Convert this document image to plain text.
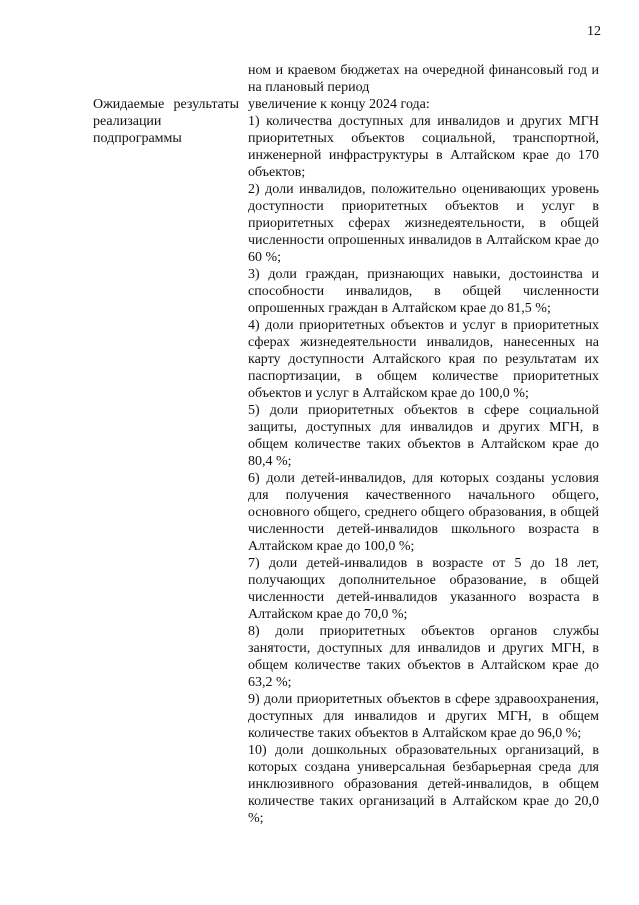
12

ном и краевом бюджетах на очередной финансовый год и на плановый период

Ожидаемые результаты реализации подпрограммы

увеличение к концу 2024 года:

1) количества доступных для инвалидов и других МГН приоритетных объектов социальной, транспортной, инженерной инфраструктуры в Алтайском крае до 170 объектов;
2) доли инвалидов, положительно оценивающих уровень доступности приоритетных объектов и услуг в приоритетных сферах жизнедеятельности, в общей численности опрошенных инвалидов в Алтайском крае до 60 %;
3) доли граждан, признающих навыки, достоинства и способности инвалидов, в общей численности опрошенных граждан в Алтайском крае до 81,5 %;
4) доли приоритетных объектов и услуг в приоритетных сферах жизнедеятельности инвалидов, нанесенных на карту доступности Алтайского края по результатам их паспортизации, в общем количестве приоритетных объектов и услуг в Алтайском крае до 100,0 %;
5) доли приоритетных объектов в сфере социальной защиты, доступных для инвалидов и других МГН, в общем количестве таких объектов в Алтайском крае до 80,4 %;
6) доли детей-инвалидов, для которых созданы условия для получения качественного начального общего, основного общего, среднего общего образования, в общей численности детей-инвалидов школьного возраста в Алтайском крае до 100,0 %;
7) доли детей-инвалидов в возрасте от 5 до 18 лет, получающих дополнительное образование, в общей численности детей-инвалидов указанного возраста в Алтайском крае до 70,0 %;
8) доли приоритетных объектов органов службы занятости, доступных для инвалидов и других МГН, в общем количестве таких объектов в Алтайском крае до 63,2 %;
9) доли приоритетных объектов в сфере здравоохранения, доступных для инвалидов и других МГН, в общем количестве таких объектов в Алтайском крае до 96,0 %;
10) доли дошкольных образовательных организаций, в которых создана универсальная безбарьерная среда для инклюзивного образования детей-инвалидов, в общем количестве таких организаций в Алтайском крае до 20,0 %;
